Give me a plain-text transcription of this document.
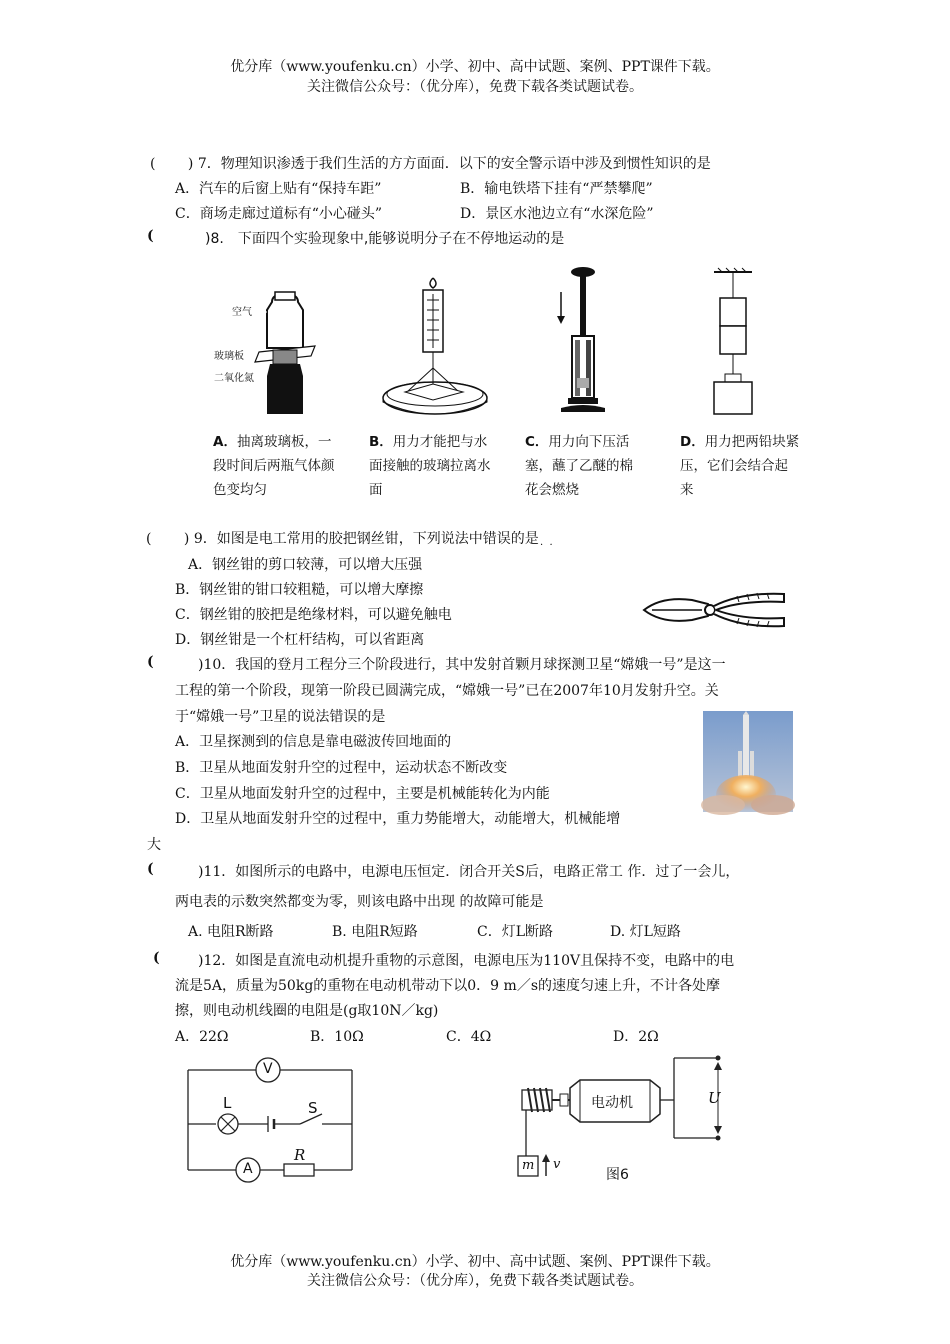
优分库（www.youfenku.cn）小学、初中、高中试题、案例、PPT课件下载。
关注微信公众号：（优分库），免费下载各类试题试卷。
(　　 ) 7．物理知识渗透于我们生活的方方面面．以下的安全警示语中涉及到惯性知识的是
A．汽车的后窗上贴有“保持车距”	B．输电铁塔下挂有“严禁攀爬”
C．商场走廊过道标有“小心碰头”	D．景区水池边立有“水深危险”
(	)8.　下面四个实验现象中,能够说明分子在不停地运动的是
空气
玻璃板
二氧化氮
A．抽离玻璃板，一段时间后两瓶气体颜色变均匀
B．用力才能把与水面接触的玻璃拉离水面
C．用力向下压活塞，蘸了乙醚的棉花会燃烧
D．用力把两铅块紧压，它们会结合起来
(　　 ) 9．如图是电工常用的胶把钢丝钳，下列说法中错误的是 ·  ·
A．钢丝钳的剪口较薄，可以增大压强
B．钢丝钳的钳口较粗糙，可以增大摩擦
C．钢丝钳的胶把是绝缘材料，可以避免触电
D．钢丝钳是一个杠杆结构，可以省距离
(	)10．我国的登月工程分三个阶段进行，其中发射首颗月球探测卫星“嫦娥一号”是这一
工程的第一个阶段，现第一阶段已圆满完成，“嫦娥一号”已在2007年10月发射升空。关
于“嫦娥一号”卫星的说法错误的是
A．卫星探测到的信息是靠电磁波传回地面的
B．卫星从地面发射升空的过程中，运动状态不断改变
C．卫星从地面发射升空的过程中，主要是机械能转化为内能
D．卫星从地面发射升空的过程中，重力势能增大，动能增大，机械能增
大
(	)11．如图所示的电路中，电源电压恒定．闭合开关S后，电路正常工 作．过了一会儿，
两电表的示数突然都变为零，则该电路中出现 的故障可能是
A. 电阻R断路	B. 电阻R短路	C．灯L断路	D. 灯L短路
(	)12．如图是直流电动机提升重物的示意图，电源电压为110V且保持不变，电路中的电
流是5A，质量为50kg的重物在电动机带动下以0．9 m／s的速度匀速上升，不计各处摩
擦，则电动机线圈的电阻是(g取10N／kg)
A．22Ω	B．10Ω	C．4Ω	D．2Ω
V
A
L	S
R
电动机	U
m v
图6
优分库（www.youfenku.cn）小学、初中、高中试题、案例、PPT课件下载。
关注微信公众号：（优分库），免费下载各类试题试卷。
